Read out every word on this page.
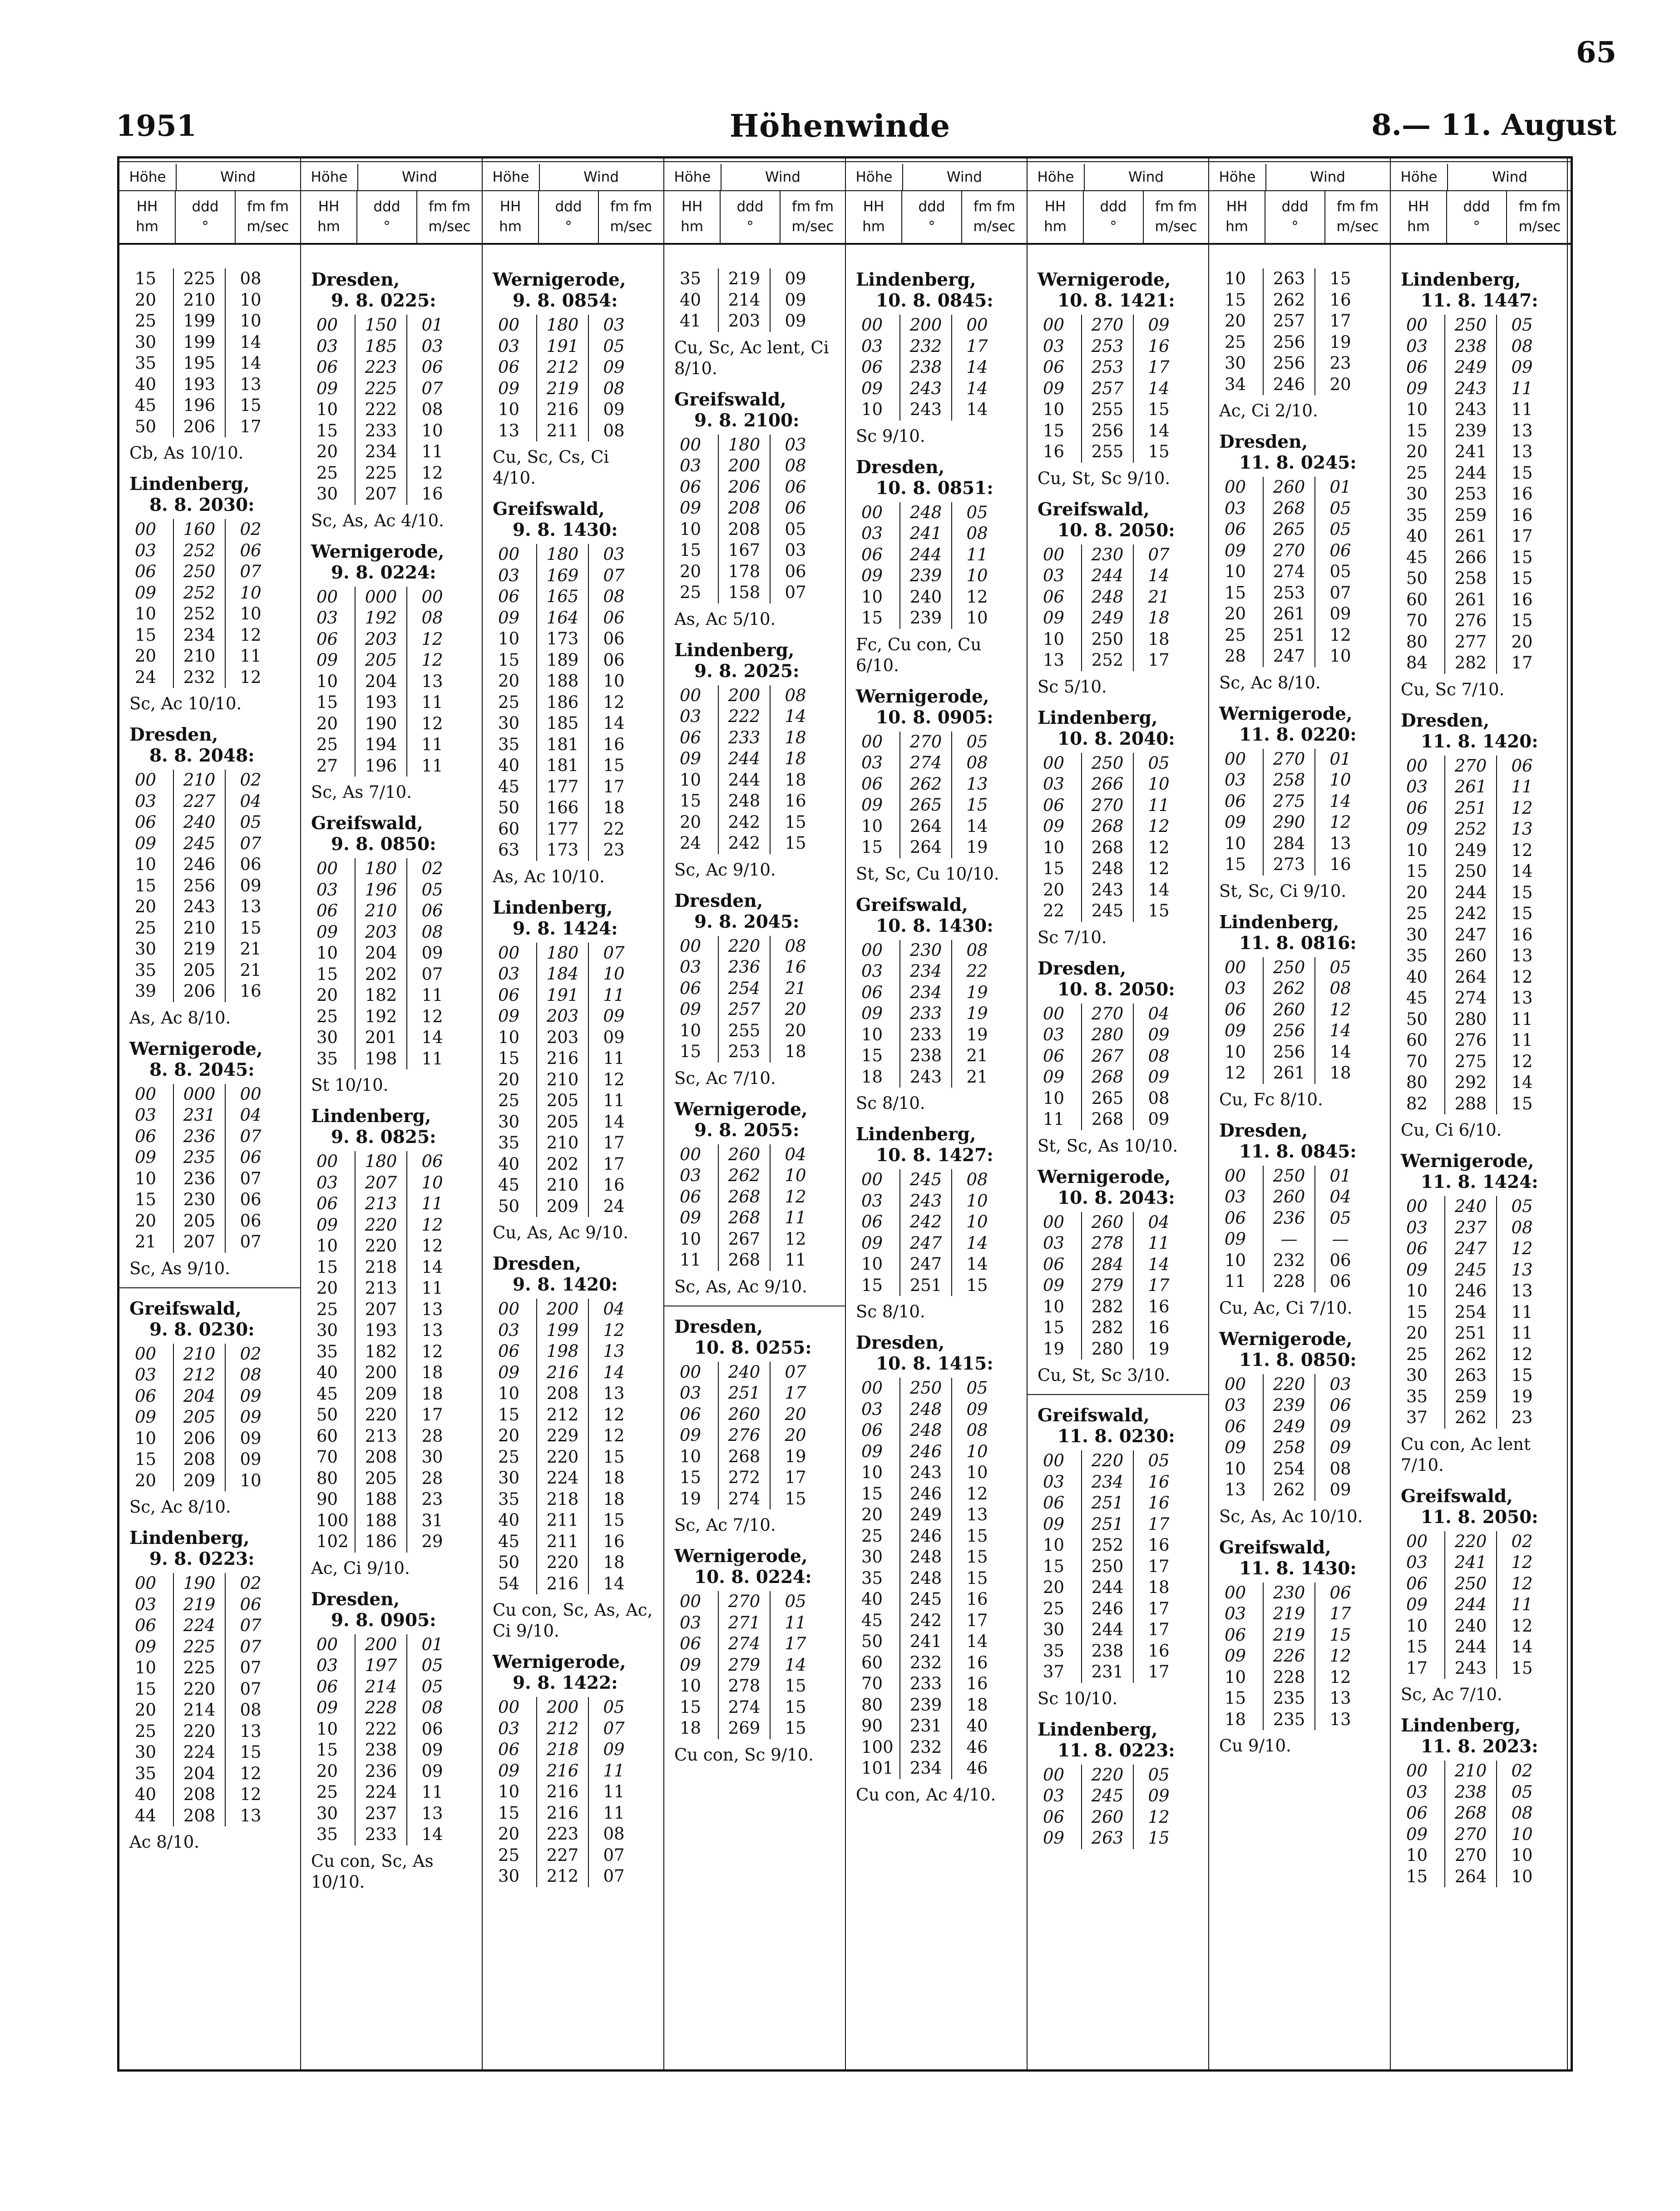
65
1951	Höhenwinde	8.— 11. August
Höhe	Wind
HH
hm
ddd
°
fm fm
m/sec
15	225	08
20	210	10
25	199	10
30	199	14
35	195	14
40	193	13
45	196	15
50	206	17
Cb, As 10/10.
Lindenberg,
8. 8. 2030:
00	160	02
03	252	06
06	250	07
09	252	10
10	252	10
15	234	12
20	210	11
24	232	12
Sc, Ac 10/10.
Dresden,
8. 8. 2048:
00	210	02
03	227	04
06	240	05
09	245	07
10	246	06
15	256	09
20	243	13
25	210	15
30	219	21
35	205	21
39	206	16
As, Ac 8/10.
Wernigerode,
8. 8. 2045:
00	000	00
03	231	04
06	236	07
09	235	06
10	236	07
15	230	06
20	205	06
21	207	07
Sc, As 9/10.
Greifswald,
9. 8. 0230:
00	210	02
03	212	08
06	204	09
09	205	09
10	206	09
15	208	09
20	209	10
Sc, Ac 8/10.
Lindenberg,
9. 8. 0223:
00	190	02
03	219	06
06	224	07
09	225	07
10	225	07
15	220	07
20	214	08
25	220	13
30	224	15
35	204	12
40	208	12
44	208	13
Ac 8/10.
Höhe	Wind
HH
hm
ddd
°
fm fm
m/sec
Dresden,
9. 8. 0225:
00	150	01
03	185	03
06	223	06
09	225	07
10	222	08
15	233	10
20	234	11
25	225	12
30	207	16
Sc, As, Ac 4/10.
Wernigerode,
9. 8. 0224:
00	000	00
03	192	08
06	203	12
09	205	12
10	204	13
15	193	11
20	190	12
25	194	11
27	196	11
Sc, As 7/10.
Greifswald,
9. 8. 0850:
00	180	02
03	196	05
06	210	06
09	203	08
10	204	09
15	202	07
20	182	11
25	192	12
30	201	14
35	198	11
St 10/10.
Lindenberg,
9. 8. 0825:
00	180	06
03	207	10
06	213	11
09	220	12
10	220	12
15	218	14
20	213	11
25	207	13
30	193	13
35	182	12
40	200	18
45	209	18
50	220	17
60	213	28
70	208	30
80	205	28
90	188	23
100	188	31
102	186	29
Ac, Ci 9/10.
Dresden,
9. 8. 0905:
00	200	01
03	197	05
06	214	05
09	228	08
10	222	06
15	238	09
20	236	09
25	224	11
30	237	13
35	233	14
Cu con, Sc, As 10/10.
Höhe	Wind
HH
hm
ddd
°
fm fm
m/sec
Wernigerode,
9. 8. 0854:
00	180	03
03	191	05
06	212	09
09	219	08
10	216	09
13	211	08
Cu, Sc, Cs, Ci 4/10.
Greifswald,
9. 8. 1430:
00	180	03
03	169	07
06	165	08
09	164	06
10	173	06
15	189	06
20	188	10
25	186	12
30	185	14
35	181	16
40	181	15
45	177	17
50	166	18
60	177	22
63	173	23
As, Ac 10/10.
Lindenberg,
9. 8. 1424:
00	180	07
03	184	10
06	191	11
09	203	09
10	203	09
15	216	11
20	210	12
25	205	11
30	205	14
35	210	17
40	202	17
45	210	16
50	209	24
Cu, As, Ac 9/10.
Dresden,
9. 8. 1420:
00	200	04
03	199	12
06	198	13
09	216	14
10	208	13
15	212	12
20	229	12
25	220	15
30	224	18
35	218	18
40	211	15
45	211	16
50	220	18
54	216	14
Cu con, Sc, As, Ac, Ci 9/10.
Wernigerode,
9. 8. 1422:
00	200	05
03	212	07
06	218	09
09	216	11
10	216	11
15	216	11
20	223	08
25	227	07
30	212	07
Höhe	Wind
HH
hm
ddd
°
fm fm
m/sec
35	219	09
40	214	09
41	203	09
Cu, Sc, Ac lent, Ci 8/10.
Greifswald,
9. 8. 2100:
00	180	03
03	200	08
06	206	06
09	208	06
10	208	05
15	167	03
20	178	06
25	158	07
As, Ac 5/10.
Lindenberg,
9. 8. 2025:
00	200	08
03	222	14
06	233	18
09	244	18
10	244	18
15	248	16
20	242	15
24	242	15
Sc, Ac 9/10.
Dresden,
9. 8. 2045:
00	220	08
03	236	16
06	254	21
09	257	20
10	255	20
15	253	18
Sc, Ac 7/10.
Wernigerode,
9. 8. 2055:
00	260	04
03	262	10
06	268	12
09	268	11
10	267	12
11	268	11
Sc, As, Ac 9/10.
Dresden,
10. 8. 0255:
00	240	07
03	251	17
06	260	20
09	276	20
10	268	19
15	272	17
19	274	15
Sc, Ac 7/10.
Wernigerode,
10. 8. 0224:
00	270	05
03	271	11
06	274	17
09	279	14
10	278	15
15	274	15
18	269	15
Cu con, Sc 9/10.
Höhe	Wind
HH
hm
ddd
°
fm fm
m/sec
Lindenberg,
10. 8. 0845:
00	200	00
03	232	17
06	238	14
09	243	14
10	243	14
Sc 9/10.
Dresden,
10. 8. 0851:
00	248	05
03	241	08
06	244	11
09	239	10
10	240	12
15	239	10
Fc, Cu con, Cu 6/10.
Wernigerode,
10. 8. 0905:
00	270	05
03	274	08
06	262	13
09	265	15
10	264	14
15	264	19
St, Sc, Cu 10/10.
Greifswald,
10. 8. 1430:
00	230	08
03	234	22
06	234	19
09	233	19
10	233	19
15	238	21
18	243	21
Sc 8/10.
Lindenberg,
10. 8. 1427:
00	245	08
03	243	10
06	242	10
09	247	14
10	247	14
15	251	15
Sc 8/10.
Dresden,
10. 8. 1415:
00	250	05
03	248	09
06	248	08
09	246	10
10	243	10
15	246	12
20	249	13
25	246	15
30	248	15
35	248	15
40	245	16
45	242	17
50	241	14
60	232	16
70	233	16
80	239	18
90	231	40
100	232	46
101	234	46
Cu con, Ac 4/10.
Höhe	Wind
HH
hm
ddd
°
fm fm
m/sec
Wernigerode,
10. 8. 1421:
00	270	09
03	253	16
06	253	17
09	257	14
10	255	15
15	256	14
16	255	15
Cu, St, Sc 9/10.
Greifswald,
10. 8. 2050:
00	230	07
03	244	14
06	248	21
09	249	18
10	250	18
13	252	17
Sc 5/10.
Lindenberg,
10. 8. 2040:
00	250	05
03	266	10
06	270	11
09	268	12
10	268	12
15	248	12
20	243	14
22	245	15
Sc 7/10.
Dresden,
10. 8. 2050:
00	270	04
03	280	09
06	267	08
09	268	09
10	265	08
11	268	09
St, Sc, As 10/10.
Wernigerode,
10. 8. 2043:
00	260	04
03	278	11
06	284	14
09	279	17
10	282	16
15	282	16
19	280	19
Cu, St, Sc 3/10.
Greifswald,
11. 8. 0230:
00	220	05
03	234	16
06	251	16
09	251	17
10	252	16
15	250	17
20	244	18
25	246	17
30	244	17
35	238	16
37	231	17
Sc 10/10.
Lindenberg,
11. 8. 0223:
00	220	05
03	245	09
06	260	12
09	263	15
Höhe	Wind
HH
hm
ddd
°
fm fm
m/sec
10	263	15
15	262	16
20	257	17
25	256	19
30	256	23
34	246	20
Ac, Ci 2/10.
Dresden,
11. 8. 0245:
00	260	01
03	268	05
06	265	05
09	270	06
10	274	05
15	253	07
20	261	09
25	251	12
28	247	10
Sc, Ac 8/10.
Wernigerode,
11. 8. 0220:
00	270	01
03	258	10
06	275	14
09	290	12
10	284	13
15	273	16
St, Sc, Ci 9/10.
Lindenberg,
11. 8. 0816:
00	250	05
03	262	08
06	260	12
09	256	14
10	256	14
12	261	18
Cu, Fc 8/10.
Dresden,
11. 8. 0845:
00	250	01
03	260	04
06	236	05
09	—	—
10	232	06
11	228	06
Cu, Ac, Ci 7/10.
Wernigerode,
11. 8. 0850:
00	220	03
03	239	06
06	249	09
09	258	09
10	254	08
13	262	09
Sc, As, Ac 10/10.
Greifswald,
11. 8. 1430:
00	230	06
03	219	17
06	219	15
09	226	12
10	228	12
15	235	13
18	235	13
Cu 9/10.
Höhe	Wind
HH
hm
ddd
°
fm fm
m/sec
Lindenberg,
11. 8. 1447:
00	250	05
03	238	08
06	249	09
09	243	11
10	243	11
15	239	13
20	241	13
25	244	15
30	253	16
35	259	16
40	261	17
45	266	15
50	258	15
60	261	16
70	276	15
80	277	20
84	282	17
Cu, Sc 7/10.
Dresden,
11. 8. 1420:
00	270	06
03	261	11
06	251	12
09	252	13
10	249	12
15	250	14
20	244	15
25	242	15
30	247	16
35	260	13
40	264	12
45	274	13
50	280	11
60	276	11
70	275	12
80	292	14
82	288	15
Cu, Ci 6/10.
Wernigerode,
11. 8. 1424:
00	240	05
03	237	08
06	247	12
09	245	13
10	246	13
15	254	11
20	251	11
25	262	12
30	263	15
35	259	19
37	262	23
Cu con, Ac lent 7/10.
Greifswald,
11. 8. 2050:
00	220	02
03	241	12
06	250	12
09	244	11
10	240	12
15	244	14
17	243	15
Sc, Ac 7/10.
Lindenberg,
11. 8. 2023:
00	210	02
03	238	05
06	268	08
09	270	10
10	270	10
15	264	10
